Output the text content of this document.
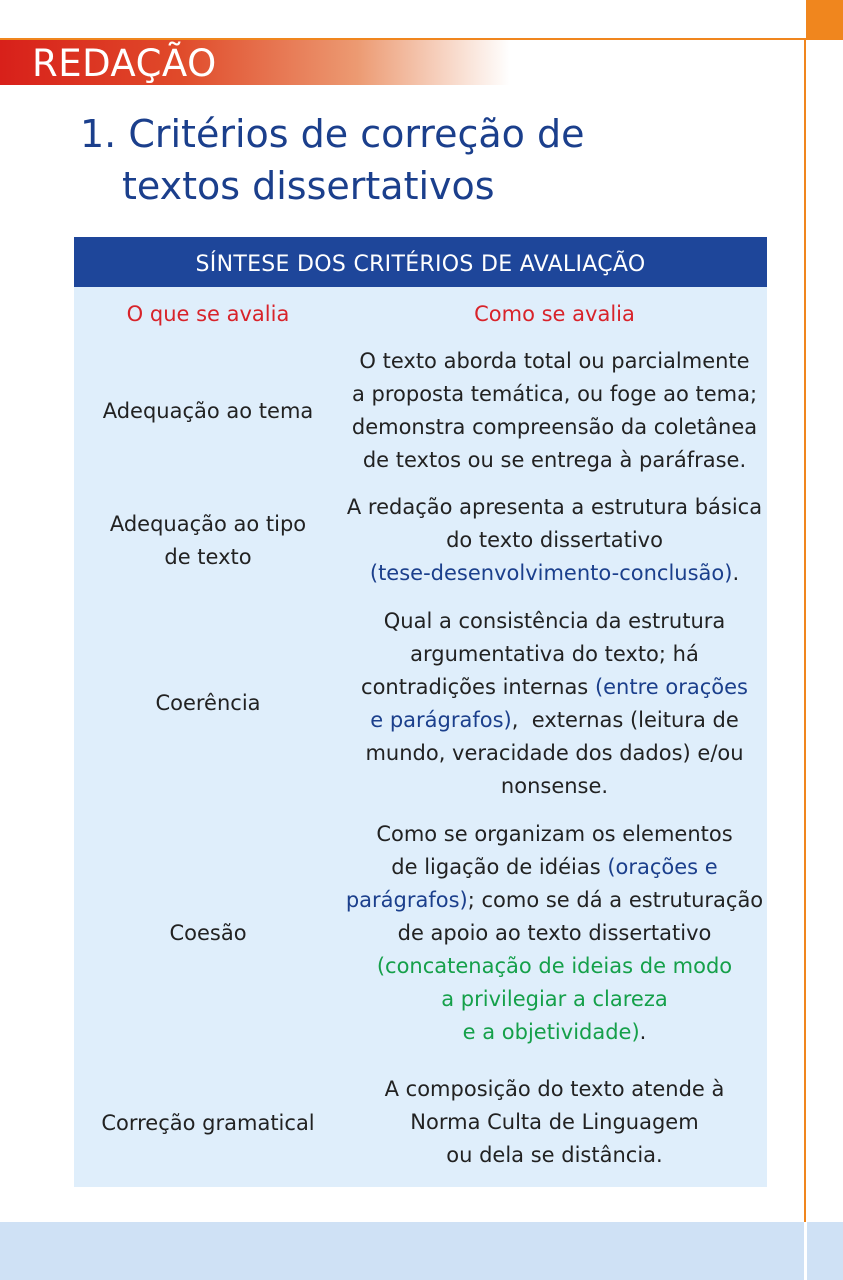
REDAÇÃO
1. Critérios de correção de
textos dissertativos
SÍNTESE DOS CRITÉRIOS DE AVALIAÇÃO
O que se avalia	Como se avalia
Adequação ao tema
O texto aborda total ou parcialmente
a proposta temática, ou foge ao tema;
demonstra compreensão da coletânea
de textos ou se entrega à paráfrase.
Adequação ao tipo
de texto
A redação apresenta a estrutura básica
do texto dissertativo
(tese-desenvolvimento-conclusão).
Coerência
Qual a consistência da estrutura
argumentativa do texto; há
contradições internas (entre orações
e parágrafos),  externas (leitura de
mundo, veracidade dos dados) e/ou
nonsense.
Coesão
Como se organizam os elementos
de ligação de idéias (orações e
parágrafos); como se dá a estruturação
de apoio ao texto dissertativo
(concatenação de ideias de modo
a privilegiar a clareza
e a objetividade).
Correção gramatical
A composição do texto atende à
Norma Culta de Linguagem
ou dela se distância.
